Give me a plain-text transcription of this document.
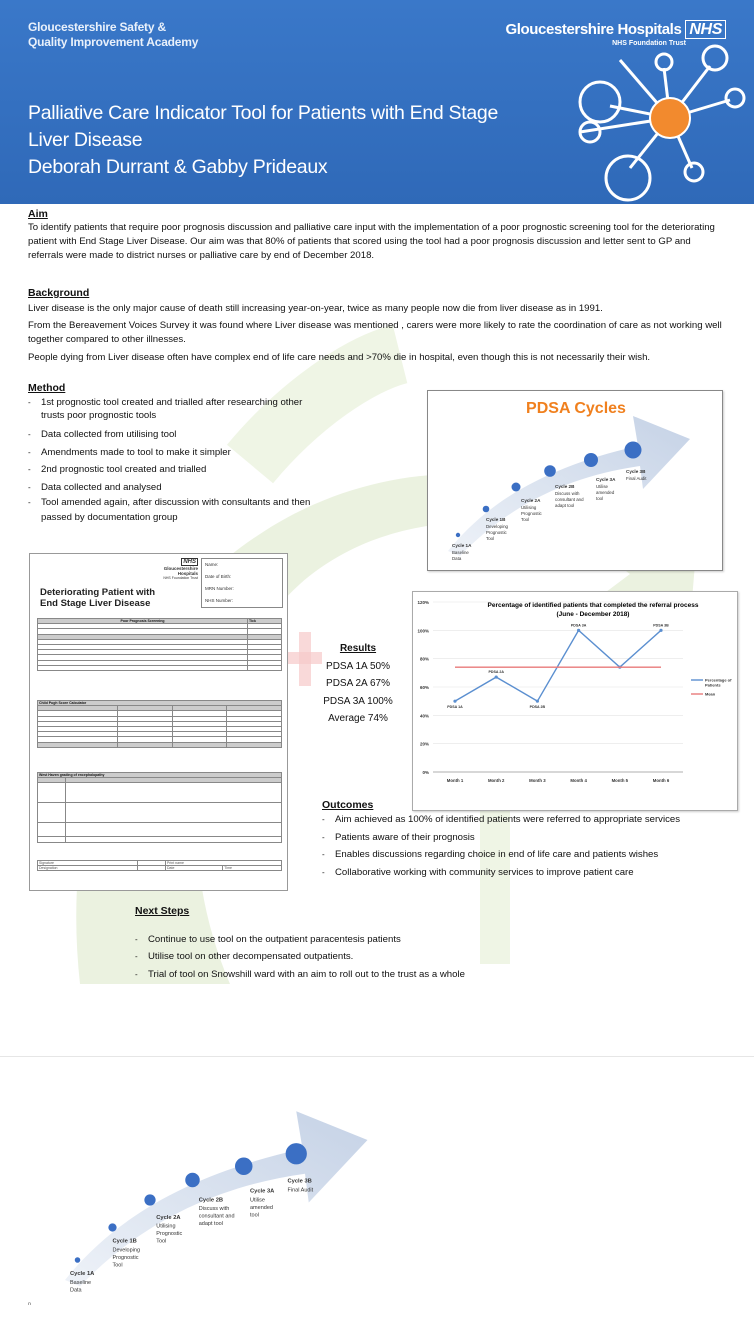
Gloucestershire Safety &
Quality Improvement Academy
Gloucestershire Hospitals NHS
NHS Foundation Trust
Palliative Care Indicator Tool for Patients with End Stage
Liver Disease
Deborah Durrant & Gabby Prideaux
Aim
To identify patients that require poor prognosis discussion and palliative care input with the implementation of a poor prognostic screening tool for the deteriorating patient with End Stage Liver Disease. Our aim was that 80% of patients that scored using the tool had a poor prognosis discussion and letter sent to GP and referrals were made to district nurses or palliative care by end of December 2018.
Background
Liver disease is the only major cause of death still increasing year-on-year, twice as many people now die from liver disease as in 1991.
From the Bereavement Voices Survey it was found where Liver disease was mentioned , carers were more likely to rate the coordination of care as not working well together compared to other illnesses.
People dying from Liver disease often have complex end of life care needs and >70% die in hospital, even though this is not necessarily their wish.
Method
- 1st prognostic tool created and trialled after researching other trusts poor prognostic tools
- Data collected from utilising tool
- Amendments made to tool to make it simpler
- 2nd prognostic tool created and trialled
- Data collected and analysed
- Tool amended again, after discussion with consultants and then passed by documentation group
PDSA Cycles
Cycle 1A
Baseline
Data
Cycle 1B
Developing
Prognostic
Tool
Cycle 2A
Utilising
Prognostic
Tool
Cycle 2B
Discuss with
consultant and
adapt tool
Cycle 3A
Utilise
amended
tool
Cycle 3B
Final Audit
NHS
Gloucestershire Hospitals
NHS Foundation Trust
Name:
Date of Birth:
MRN Number:
NHS Number:
Deteriorating Patient with
End Stage Liver Disease
Poor Prognosis Screening	Tick

Child Pugh Score Calculator			

West Haven grading of encephalopathy	

Signature		Print name	
Designation		Date	Time
Results
PDSA 1A 50%
PDSA 2A 67%
PDSA 3A 100%
Average 74%
Percentage of identified patients that completed the referral process
(June - December 2018)
0%
20%
40%
60%
80%
100%
120%
Month 1	Month 2	Month 3	Month 4	Month 5	Month 6
PDSA 1A
PDSA 2A
PDSA 2B
PDSA 3A	PDSA 3B
Percentage of
Patients
Mean
Outcomes
- Aim achieved as 100% of identified patients were referred to appropriate services
- Patients aware of their prognosis
- Enables discussions regarding choice in end of life care and patients wishes
- Collaborative working with community services to improve patient care
Next Steps
- Continue to use tool on the outpatient paracentesis patients
- Utilise tool on other decompensated outpatients.
- Trial of tool on Snowshill ward with an aim to roll out to the trust as a whole
Cycle 1A
Baseline
Data
Cycle 1B
Developing
Prognostic
Tool
Cycle 2A
Utilising
Prognostic
Tool
Cycle 2B
Discuss with
consultant and
adapt tool
Cycle 3A
Utilise
amended
tool
Cycle 3B
Final Audit
ⁿ
